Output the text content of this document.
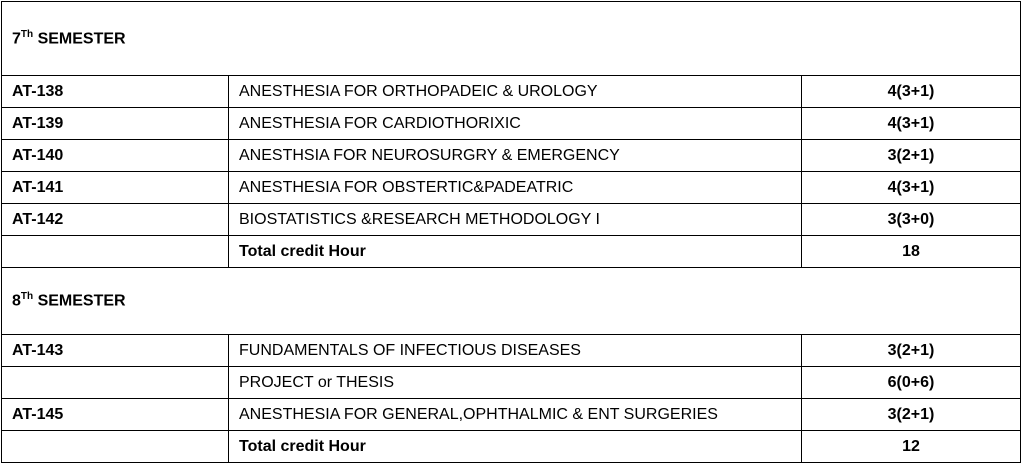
7Th SEMESTER		
AT-138	ANESTHESIA FOR ORTHOPADEIC & UROLOGY	4(3+1)
AT-139	ANESTHESIA FOR CARDIOTHORIXIC	4(3+1)
AT-140	ANESTHSIA FOR NEUROSURGRY & EMERGENCY	3(2+1)
AT-141	ANESTHESIA FOR OBSTERTIC&PADEATRIC	4(3+1)
AT-142	BIOSTATISTICS &RESEARCH METHODOLOGY I	3(3+0)
	Total credit Hour	18
8Th SEMESTER		
AT-143	FUNDAMENTALS OF INFECTIOUS DISEASES	3(2+1)
	PROJECT or THESIS	6(0+6)
AT-145	ANESTHESIA FOR GENERAL,OPHTHALMIC & ENT SURGERIES	3(2+1)
	Total credit Hour	12
